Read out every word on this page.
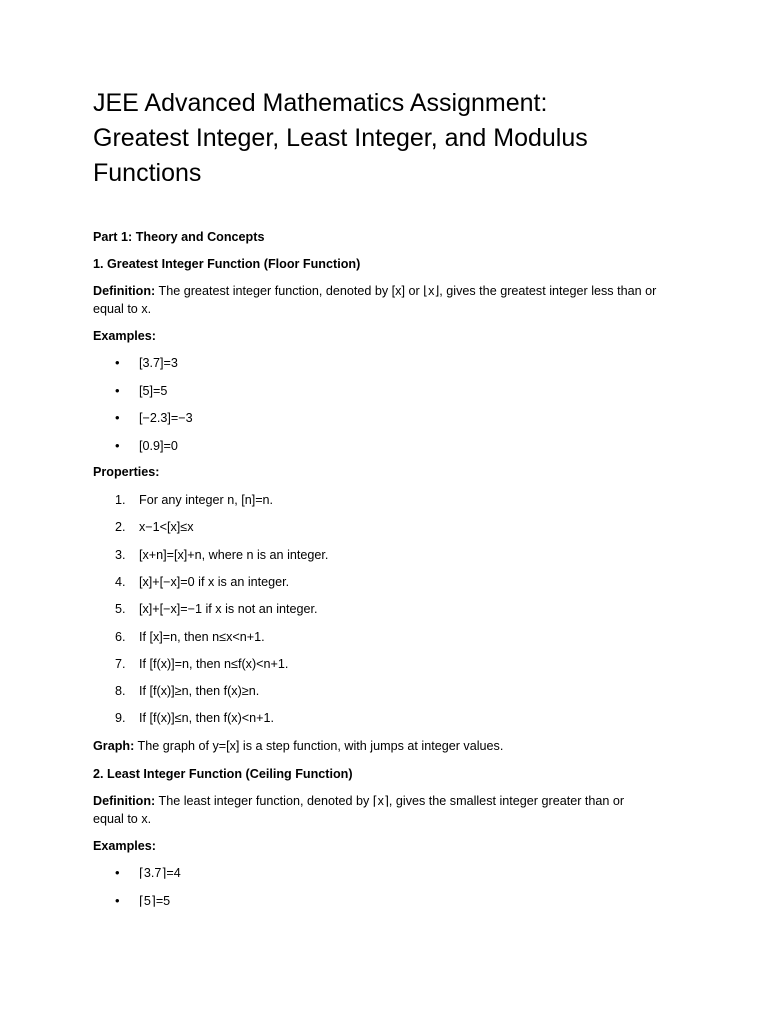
JEE Advanced Mathematics Assignment:
Greatest Integer, Least Integer, and Modulus
Functions

Part 1: Theory and Concepts

1. Greatest Integer Function (Floor Function)

Definition: The greatest integer function, denoted by [x] or ⌊x⌋, gives the greatest integer less than or equal to x.

Examples:

•	[3.7]=3
•	[5]=5
•	[−2.3]=−3
•	[0.9]=0

Properties:

1.	For any integer n, [n]=n.
2.	x−1<[x]≤x
3.	[x+n]=[x]+n, where n is an integer.
4.	[x]+[−x]=0 if x is an integer.
5.	[x]+[−x]=−1 if x is not an integer.
6.	If [x]=n, then n≤x<n+1.
7.	If [f(x)]=n, then n≤f(x)<n+1.
8.	If [f(x)]≥n, then f(x)≥n.
9.	If [f(x)]≤n, then f(x)<n+1.

Graph: The graph of y=[x] is a step function, with jumps at integer values.

2. Least Integer Function (Ceiling Function)

Definition: The least integer function, denoted by ⌈x⌉, gives the smallest integer greater than or equal to x.

Examples:

•	⌈3.7⌉=4
•	⌈5⌉=5
